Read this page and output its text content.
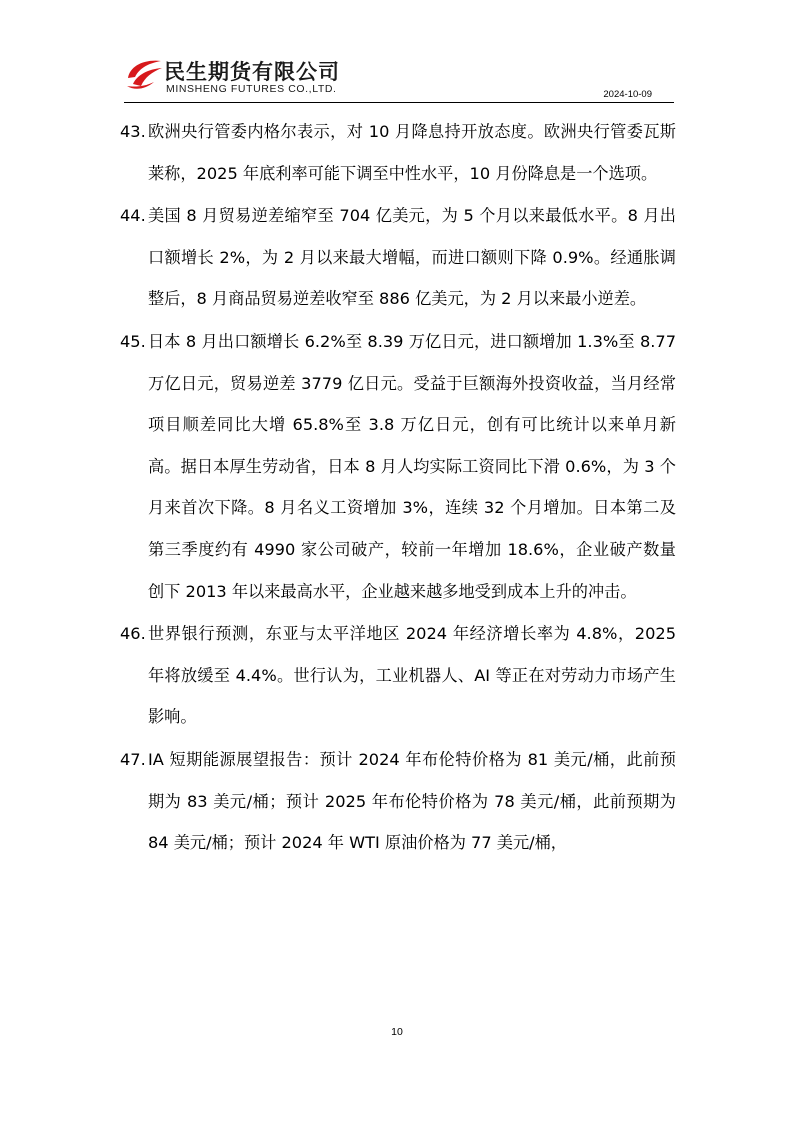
民生期货有限公司
MINSHENG FUTURES CO.,LTD.	2024-10-09

43. 欧洲央行管委内格尔表示，对 10 月降息持开放态度。欧洲央行管委瓦斯莱称，2025 年底利率可能下调至中性水平，10 月份降息是一个选项。

44. 美国 8 月贸易逆差缩窄至 704 亿美元，为 5 个月以来最低水平。8 月出口额增长 2%，为 2 月以来最大增幅，而进口额则下降 0.9%。经通胀调整后，8 月商品贸易逆差收窄至 886 亿美元，为 2 月以来最小逆差。

45. 日本 8 月出口额增长 6.2%至 8.39 万亿日元，进口额增加 1.3%至 8.77 万亿日元，贸易逆差 3779 亿日元。受益于巨额海外投资收益，当月经常项目顺差同比大增 65.8%至 3.8 万亿日元，创有可比统计以来单月新高。据日本厚生劳动省，日本 8 月人均实际工资同比下滑 0.6%，为 3 个月来首次下降。8 月名义工资增加 3%，连续 32 个月增加。日本第二及第三季度约有 4990 家公司破产，较前一年增加 18.6%，企业破产数量创下 2013 年以来最高水平，企业越来越多地受到成本上升的冲击。

46. 世界银行预测，东亚与太平洋地区 2024 年经济增长率为 4.8%，2025 年将放缓至 4.4%。世行认为，工业机器人、AI 等正在对劳动力市场产生影响。

47. IA 短期能源展望报告：预计 2024 年布伦特价格为 81 美元/桶，此前预期为 83 美元/桶；预计 2025 年布伦特价格为 78 美元/桶，此前预期为 84 美元/桶；预计 2024 年 WTI 原油价格为 77 美元/桶，

10
